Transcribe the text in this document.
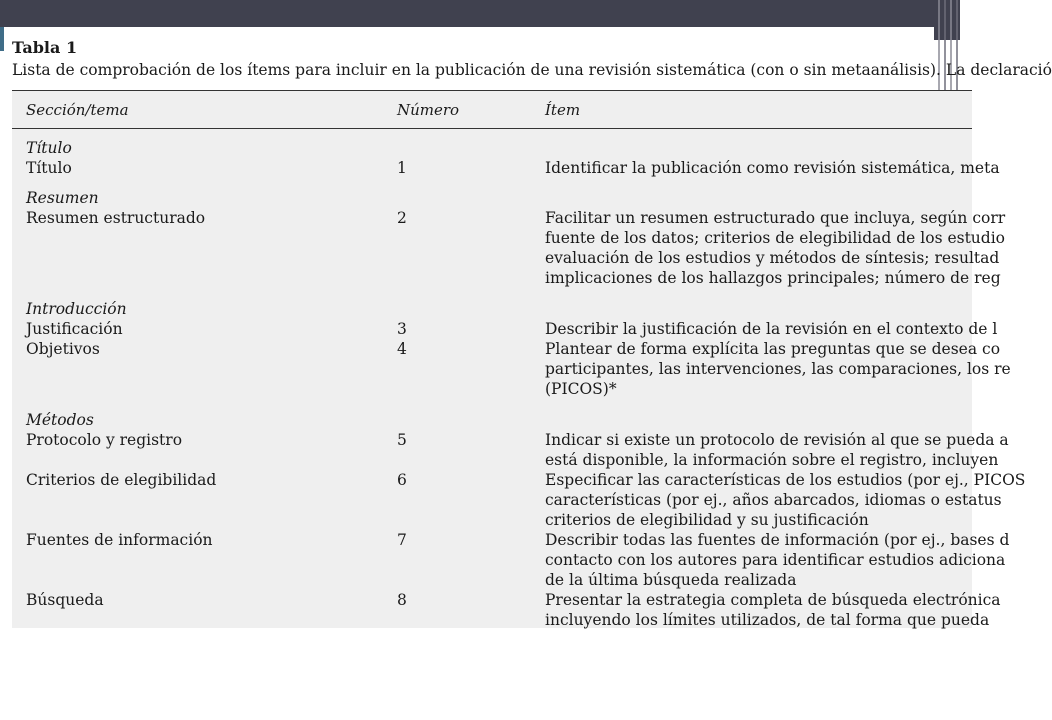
Tabla 1
Lista de comprobación de los ítems para incluir en la publicación de una revisión sistemática (con o sin metaanálisis). La declaració
Sección/tema	Número	Ítem
Título
Título	1	Identificar la publicación como revisión sistemática, meta
Resumen
Resumen estructurado	2	Facilitar un resumen estructurado que incluya, según corr
fuente de los datos; criterios de elegibilidad de los estudio
evaluación de los estudios y métodos de síntesis; resultad
implicaciones de los hallazgos principales; número de reg
Introducción
Justificación	3	Describir la justificación de la revisión en el contexto de l
Objetivos	4	Plantear de forma explícita las preguntas que se desea co
participantes, las intervenciones, las comparaciones, los re
(PICOS)*
Métodos
Protocolo y registro	5	Indicar si existe un protocolo de revisión al que se pueda a
está disponible, la información sobre el registro, incluyen
Criterios de elegibilidad	6	Especificar las características de los estudios (por ej., PICOS
características (por ej., años abarcados, idiomas o estatus
criterios de elegibilidad y su justificación
Fuentes de información	7	Describir todas las fuentes de información (por ej., bases d
contacto con los autores para identificar estudios adiciona
de la última búsqueda realizada
Búsqueda	8	Presentar la estrategia completa de búsqueda electrónica
incluyendo los límites utilizados, de tal forma que pueda
